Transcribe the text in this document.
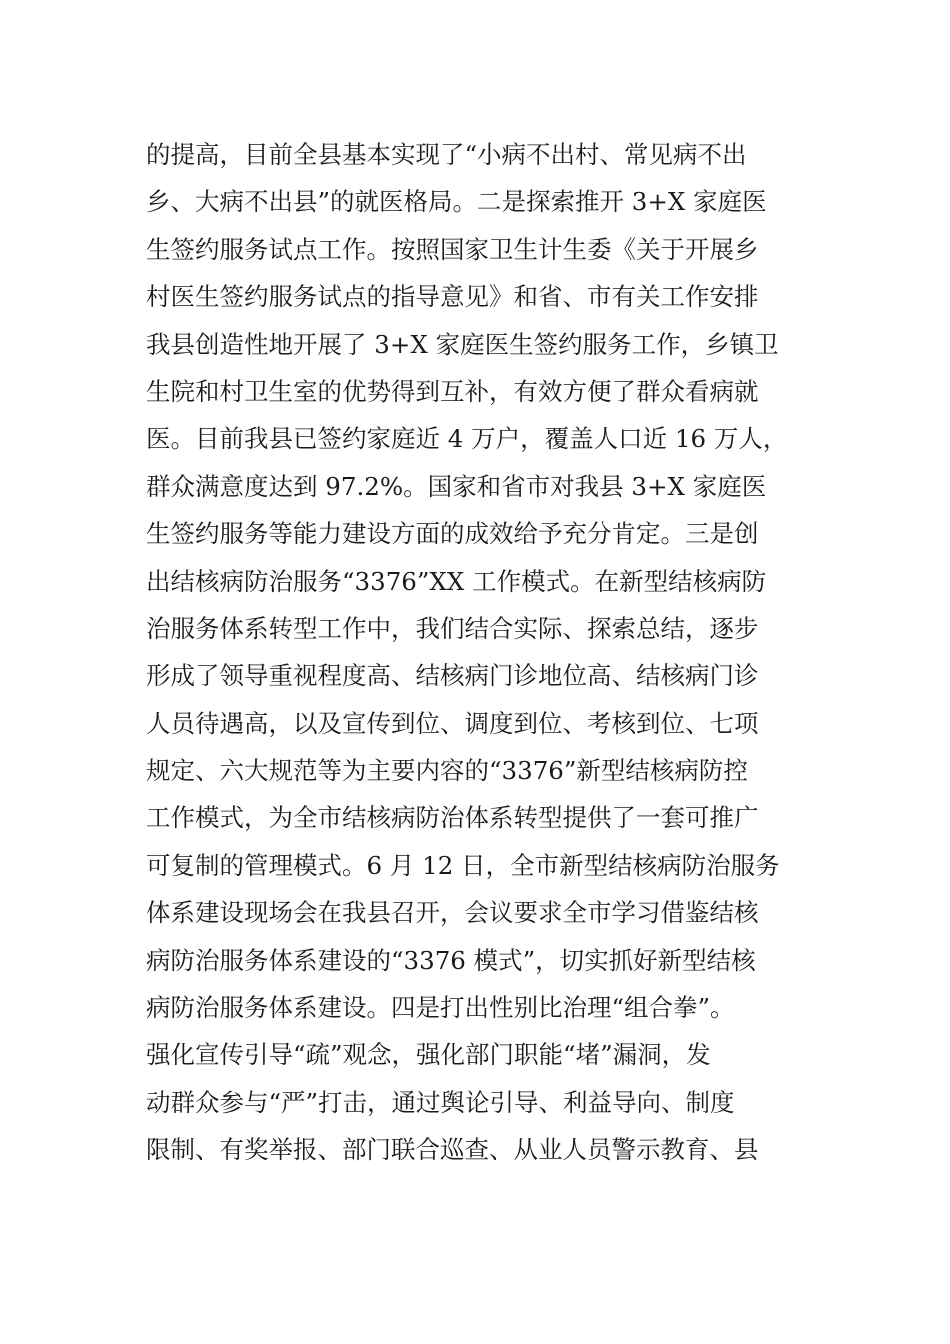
的提高，目前全县基本实现了“小病不出村、常见病不出
乡、大病不出县”的就医格局。二是探索推开 3+X 家庭医
生签约服务试点工作。按照国家卫生计生委《关于开展乡
村医生签约服务试点的指导意见》和省、市有关工作安排
我县创造性地开展了 3+X 家庭医生签约服务工作，乡镇卫
生院和村卫生室的优势得到互补，有效方便了群众看病就
医。目前我县已签约家庭近 4 万户，覆盖人口近 16 万人，
群众满意度达到 97.2%。国家和省市对我县 3+X 家庭医
生签约服务等能力建设方面的成效给予充分肯定。三是创
出结核病防治服务“3376”XX 工作模式。在新型结核病防
治服务体系转型工作中，我们结合实际、探索总结，逐步
形成了领导重视程度高、结核病门诊地位高、结核病门诊
人员待遇高，以及宣传到位、调度到位、考核到位、七项
规定、六大规范等为主要内容的“3376”新型结核病防控
工作模式，为全市结核病防治体系转型提供了一套可推广
可复制的管理模式。6 月 12 日，全市新型结核病防治服务
体系建设现场会在我县召开，会议要求全市学习借鉴结核
病防治服务体系建设的“3376 模式”，切实抓好新型结核
病防治服务体系建设。四是打出性别比治理“组合拳”。
强化宣传引导“疏”观念，强化部门职能“堵”漏洞，发
动群众参与“严”打击，通过舆论引导、利益导向、制度
限制、有奖举报、部门联合巡查、从业人员警示教育、县
